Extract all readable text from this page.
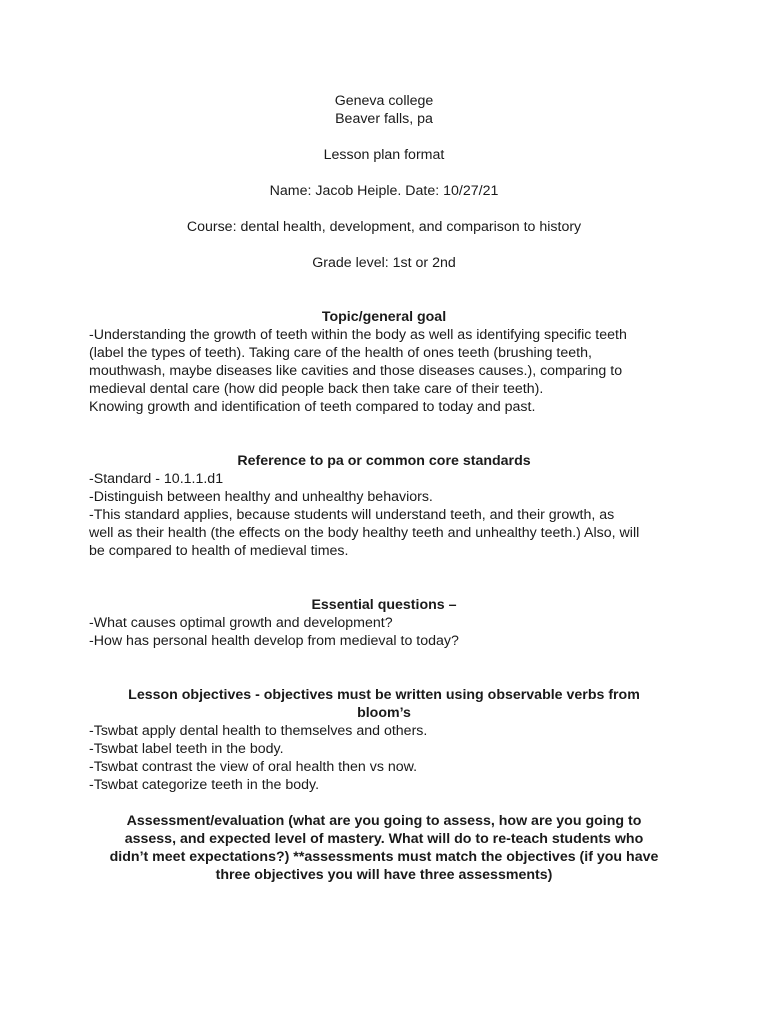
Geneva college
Beaver falls, pa
Lesson plan format
Name: Jacob Heiple. Date: 10/27/21
Course: dental health, development, and comparison to history
Grade level: 1st or 2nd
Topic/general goal
-Understanding the growth of teeth within the body as well as identifying specific teeth
(label the types of teeth). Taking care of the health of ones teeth (brushing teeth,
mouthwash, maybe diseases like cavities and those diseases causes.), comparing to
medieval dental care (how did people back then take care of their teeth).
Knowing growth and identification of teeth compared to today and past.
Reference to pa or common core standards
-Standard - 10.1.1.d1
-Distinguish between healthy and unhealthy behaviors.
-This standard applies, because students will understand teeth, and their growth, as
well as their health (the effects on the body healthy teeth and unhealthy teeth.) Also, will
be compared to health of medieval times.
Essential questions –
-What causes optimal growth and development?
-How has personal health develop from medieval to today?
Lesson objectives - objectives must be written using observable verbs from
bloom’s
-Tswbat apply dental health to themselves and others.
-Tswbat label teeth in the body.
-Tswbat contrast the view of oral health then vs now.
-Tswbat categorize teeth in the body.
Assessment/evaluation (what are you going to assess, how are you going to
assess, and expected level of mastery. What will do to re-teach students who
didn’t meet expectations?) **assessments must match the objectives (if you have
three objectives you will have three assessments)
